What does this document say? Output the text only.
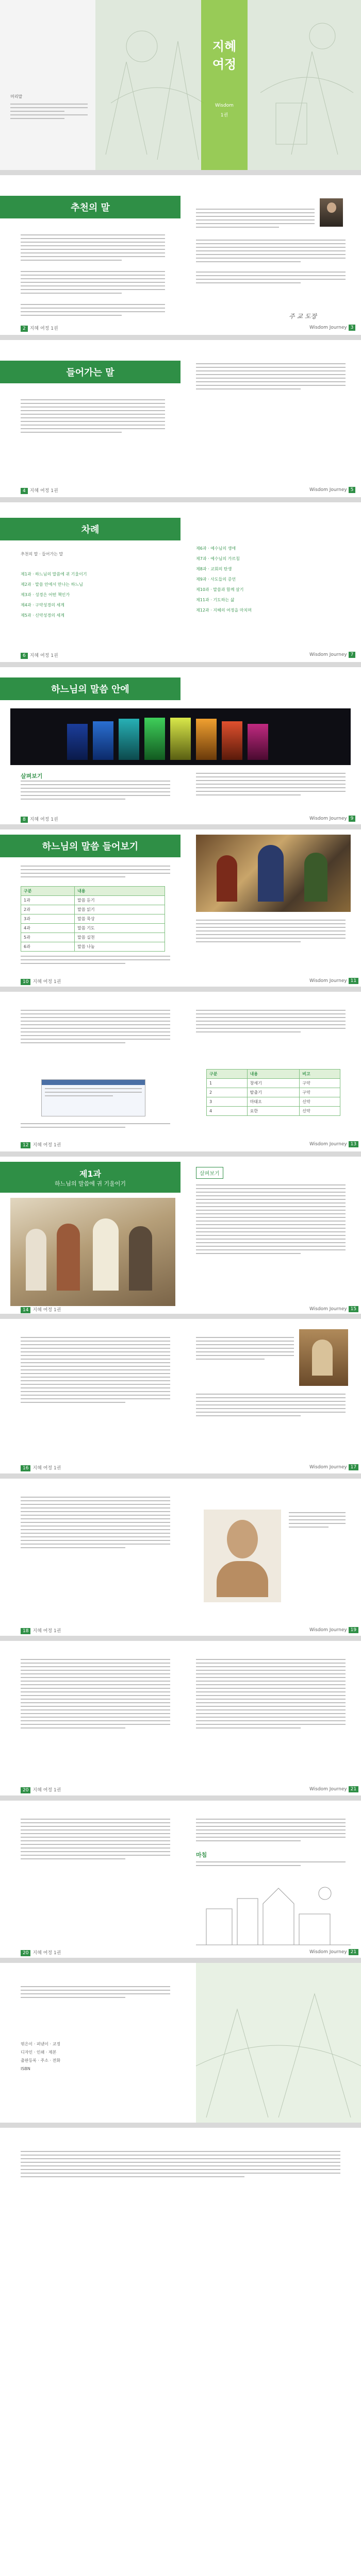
머리말
지혜
여정
Wisdom
1권
추천의 말
주 교 도장
2 지혜 여정 1권	Wisdom Journey 3
들어가는 말
4 지혜 여정 1권	Wisdom Journey 5
차례
추천의 말 · 들어가는 말
제1과 · 하느님의 말씀에 귀 기울이기
제2과 · 말씀 안에서 만나는 하느님
제3과 · 성경은 어떤 책인가
제4과 · 구약성경의 세계
제5과 · 신약성경의 세계
제6과 · 예수님의 생애
제7과 · 예수님의 가르침
제8과 · 교회의 탄생
제9과 · 사도들의 증언
제10과 · 말씀과 함께 살기
제11과 · 기도하는 삶
제12과 · 지혜의 여정을 마치며
6 지혜 여정 1권	Wisdom Journey 7
하느님의 말씀 안에
살펴보기
8 지혜 여정 1권	Wisdom Journey 9
하느님의 말씀 들어보기
구분	내용
1과	말씀 듣기
2과	말씀 읽기
3과	말씀 묵상
4과	말씀 기도
5과	말씀 실천
6과	말씀 나눔
10 지혜 여정 1권	Wisdom Journey 11
구분	내용	비고
1	창세기	구약
2	탈출기	구약
3	마태오	신약
4	요한	신약
12 지혜 여정 1권	Wisdom Journey 13
제1과
하느님의 말씀에 귀 기울이기
살펴보기
14 지혜 여정 1권	Wisdom Journey 15
16 지혜 여정 1권	Wisdom Journey 17
18 지혜 여정 1권	Wisdom Journey 19
20 지혜 여정 1권	Wisdom Journey 21
마침
20 지혜 여정 1권	Wisdom Journey 21
엮은이 · 펴낸이 · 교정
디자인 · 인쇄 · 제본
출판등록 · 주소 · 전화
ISBN
